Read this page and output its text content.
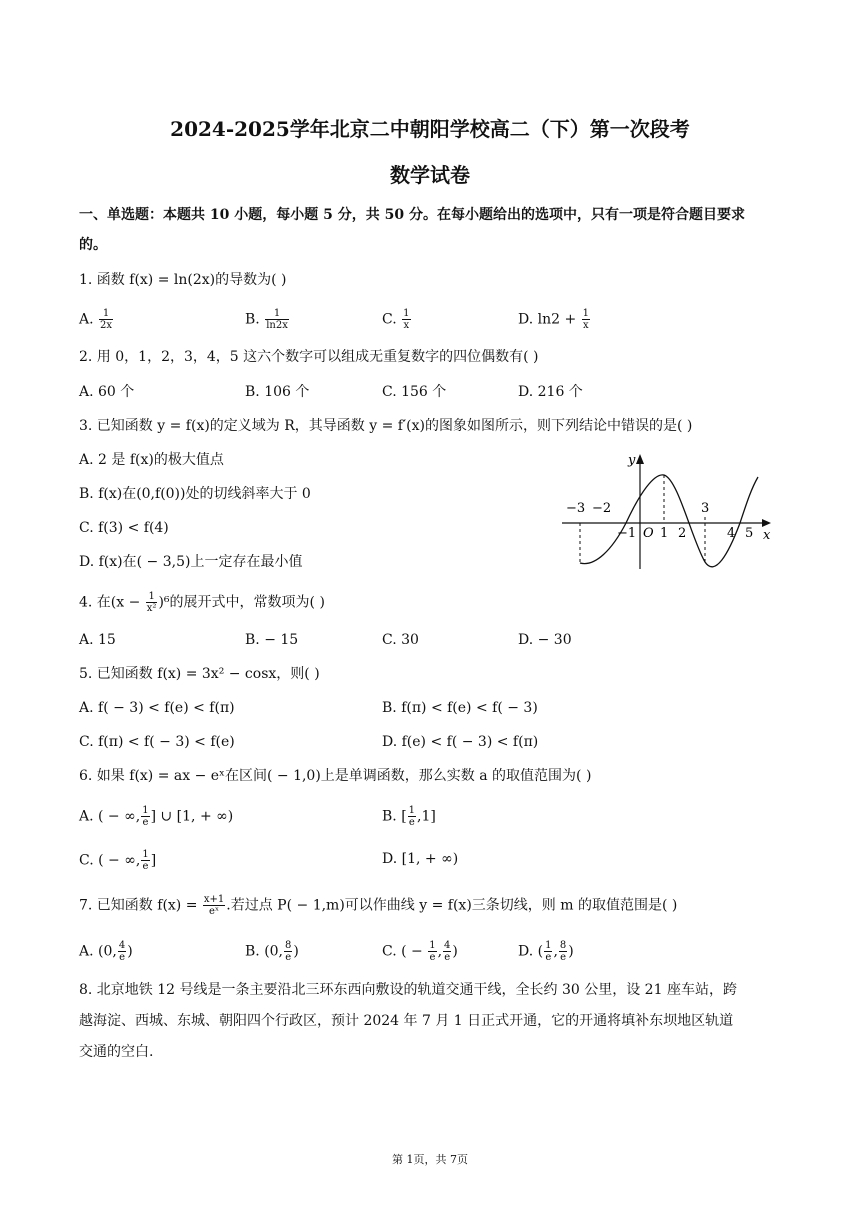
2024-2025学年北京二中朝阳学校高二（下）第一次段考
数学试卷
一、单选题：本题共 10 小题，每小题 5 分，共 50 分。在每小题给出的选项中，只有一项是符合题目要求
的。
1. 函数 f(x) = ln(2x)的导数为( )
A. $\frac{1}{2x}$	B. $\frac{1}{\ln 2x}$	C. $\frac{1}{x}$	D. $\ln 2 + \frac{1}{x}$
2. 用 0，1，2，3，4，5 这六个数字可以组成无重复数字的四位偶数有( )
A. 60 个	B. 106 个	C. 156 个	D. 216 个
3. 已知函数 y = f(x)的定义域为 R，其导函数 y = f′(x)的图象如图所示，则下列结论中错误的是( )
A. 2 是 f(x)的极大值点
B. f(x)在(0,f(0))处的切线斜率大于 0
C. f(3) < f(4)
D. f(x)在( − 3,5)上一定存在最小值
y
x
−3 −2
−1 O 1 2
3
4 5
4. 在$(x - \frac{1}{\text{x²}} )^6$的展开式中，常数项为( )
A. 15	B. − 15	C. 30	D. − 30
5. 已知函数 f(x) = 3x² − cosx，则( )
A. f( − 3) < f(e) < f(π)	B. f(π) < f(e) < f( − 3)
C. f(π) < f( − 3) < f(e)	D. f(e) < f( − 3) < f(π)
6. 如果 f(x) = ax − eˣ在区间( − 1,0)上是单调函数，那么实数 a 的取值范围为( )
A. ( − ∞, $\frac{1}{e}$ ] ∪ [1, + ∞)	B. [ $\frac{1}{e} ,1$]
C. ( − ∞, $\frac{1}{e}$ ]	D. [1, + ∞)
7. 已知函数 $f(x) = \frac{x+1}{\text{eˣ}}$ .若过点 P( − 1,m)可以作曲线 y = f(x)三条切线，则 m 的取值范围是( )
A. (0, $\frac{4}{e}$ )	B. (0, $\frac{8}{e}$ )	C. ( − $\frac{1}{e}$ , $\frac{4}{e}$ )	D. ( $\frac{1}{e}$ , $\frac{8}{e}$ )
8. 北京地铁 12 号线是一条主要沿北三环东西向敷设的轨道交通干线，全长约 30 公里，设 21 座车站，跨
越海淀、西城、东城、朝阳四个行政区，预计 2024 年 7 月 1 日正式开通，它的开通将填补东坝地区轨道
交通的空白.
第 1页，共 7页
